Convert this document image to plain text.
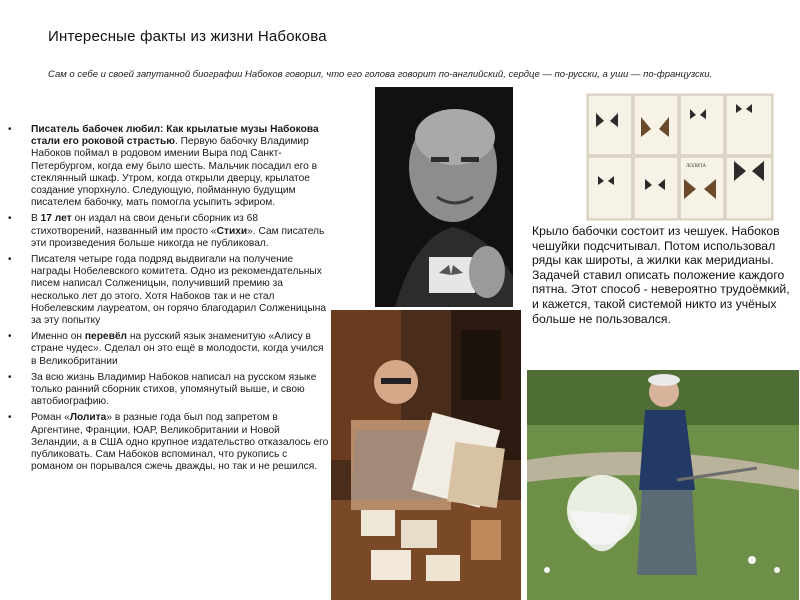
Интересные факты из жизни Набокова
Сам о себе и своей запутанной биографии Набоков говорил, что его голова говорит по-английский, сердце — по-русски, а уши — по-французски.
• Писатель бабочек любил: Как крылатые музы Набокова стали его роковой страстью. Первую бабочку Владимир Набоков поймал в родовом имении Выра под Санкт-Петербургом, когда ему было шесть. Мальчик посадил его в стеклянный шкаф. Утром, когда открыли дверцу, крылатое создание упорхнуло. Следующую, пойманную будущим писателем бабочку, мать помогла усыпить эфиром.
• В 17 лет он издал на свои деньги сборник из 68 стихотворений, названный им просто «Стихи». Сам писатель эти произведения больше никогда не публиковал.
• Писателя четыре года подряд выдвигали на получение награды Нобелевского комитета. Одно из рекомендательных писем написал Солженицын, получивший премию за несколько лет до этого. Хотя Набоков так и не стал Нобелевским лауреатом, он горячо благодарил Солженицына за эту попытку
• Именно он перевёл на русский язык знаменитую «Алису в стране чудес». Сделал он это ещё в молодости, когда учился в Великобритании
• За всю жизнь Владимир Набоков написал на русском языке только ранний сборник стихов, упомянутый выше, и свою автобиографию.
• Роман «Лолита» в разные года был под запретом в Аргентине, Франции, ЮАР, Великобритании и Новой Зеландии, а в США одно крупное издательство отказалось его публиковать. Сам Набоков вспоминал, что рукопись с романом он порывался сжечь дважды, но так и не решился.
Крыло бабочки состоит из чешуек. Набоков чешуйки подсчитывал. Потом использовал ряды как широты, а жилки как меридианы. Задачей ставил описать положение каждого пятна. Этот способ - невероятно трудоёмкий, и кажется, такой системой никто из учёных больше не пользовался.
ЛОЛИТА
